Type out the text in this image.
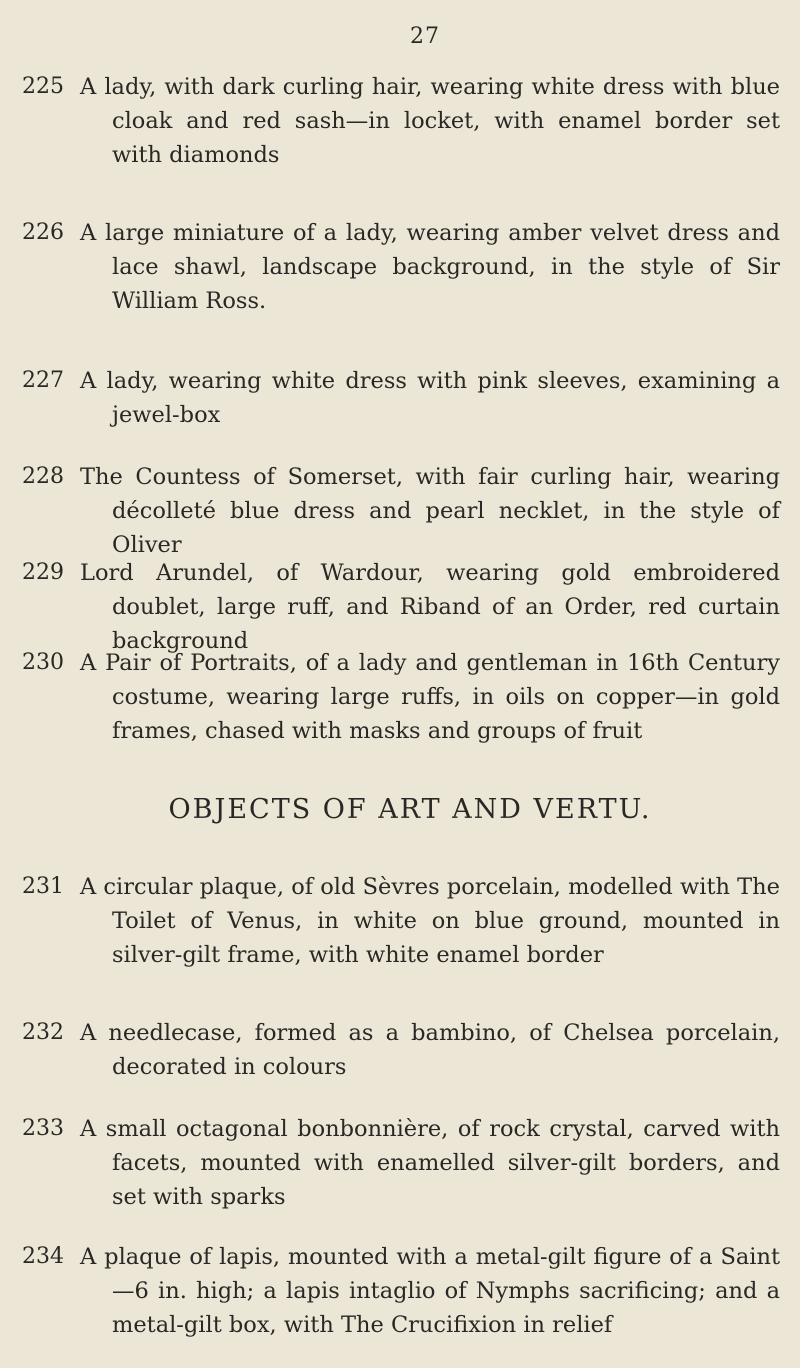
27
225 A lady, with dark curling hair, wearing white dress with blue cloak and red sash—in locket, with enamel border set with diamonds
226 A large miniature of a lady, wearing amber velvet dress and lace shawl, landscape background, in the style of Sir William Ross.
227 A lady, wearing white dress with pink sleeves, examining a jewel-box
228 The Countess of Somerset, with fair curling hair, wearing décolleté blue dress and pearl necklet, in the style of Oliver
229 Lord Arundel, of Wardour, wearing gold embroidered doublet, large ruff, and Riband of an Order, red curtain background
230 A Pair of Portraits, of a lady and gentleman in 16th Century costume, wearing large ruffs, in oils on copper—in gold frames, chased with masks and groups of fruit
OBJECTS OF ART AND VERTU.
231 A circular plaque, of old Sèvres porcelain, modelled with The Toilet of Venus, in white on blue ground, mounted in silver-gilt frame, with white enamel border
232 A needlecase, formed as a bambino, of Chelsea porcelain, decorated in colours
233 A small octagonal bonbonnière, of rock crystal, carved with facets, mounted with enamelled silver-gilt borders, and set with sparks
234 A plaque of lapis, mounted with a metal-gilt figure of a Saint—6 in. high; a lapis intaglio of Nymphs sacrificing; and a metal-gilt box, with The Crucifixion in relief
